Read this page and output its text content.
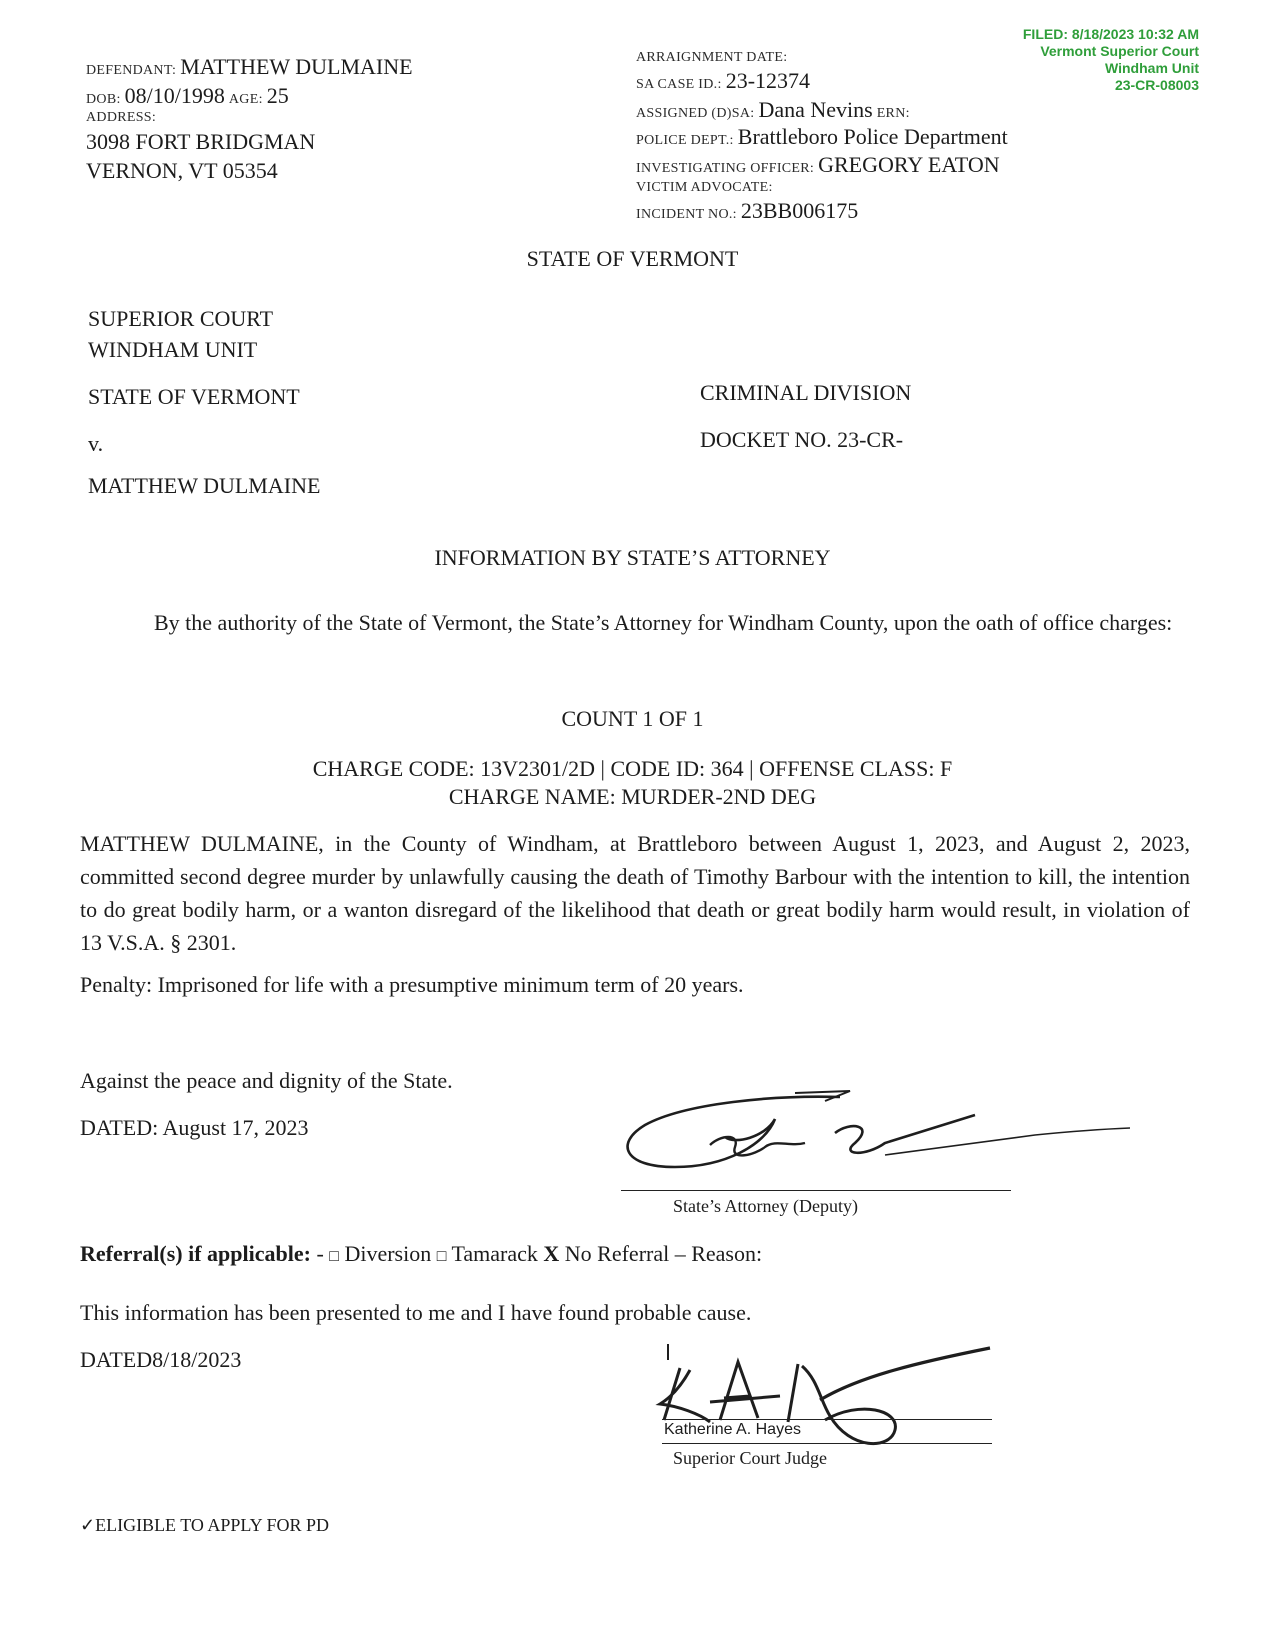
FILED: 8/18/2023 10:32 AM
Vermont Superior Court
Windham Unit
23-CR-08003
DEFENDANT: MATTHEW DULMAINE
DOB: 08/10/1998 AGE: 25
ADDRESS:
3098 FORT BRIDGMAN
VERNON, VT 05354
ARRAIGNMENT DATE:
SA CASE ID.: 23-12374
ASSIGNED (D)SA: Dana Nevins ERN:
POLICE DEPT.: Brattleboro Police Department
INVESTIGATING OFFICER: GREGORY EATON
VICTIM ADVOCATE:
INCIDENT NO.: 23BB006175
STATE OF VERMONT
SUPERIOR COURT
WINDHAM UNIT
STATE OF VERMONT
v.
MATTHEW DULMAINE
CRIMINAL DIVISION
DOCKET NO. 23-CR-
INFORMATION BY STATE’S ATTORNEY
By the authority of the State of Vermont, the State’s Attorney for Windham County, upon the oath of office charges:
COUNT 1 OF 1
CHARGE CODE: 13V2301/2D | CODE ID: 364 | OFFENSE CLASS: F
CHARGE NAME: MURDER-2ND DEG
MATTHEW DULMAINE, in the County of Windham, at Brattleboro between August 1, 2023, and August 2, 2023, committed second degree murder by unlawfully causing the death of Timothy Barbour with the intention to kill, the intention to do great bodily harm, or a wanton disregard of the likelihood that death or great bodily harm would result, in violation of 13 V.S.A. § 2301.
Penalty: Imprisoned for life with a presumptive minimum term of 20 years.
Against the peace and dignity of the State.
DATED: August 17, 2023
State’s Attorney (Deputy)
Referral(s) if applicable: - □ Diversion □ Tamarack X No Referral – Reason:
This information has been presented to me and I have found probable cause.
DATED8/18/2023
Katherine A. Hayes
Superior Court Judge
✓ELIGIBLE TO APPLY FOR PD
